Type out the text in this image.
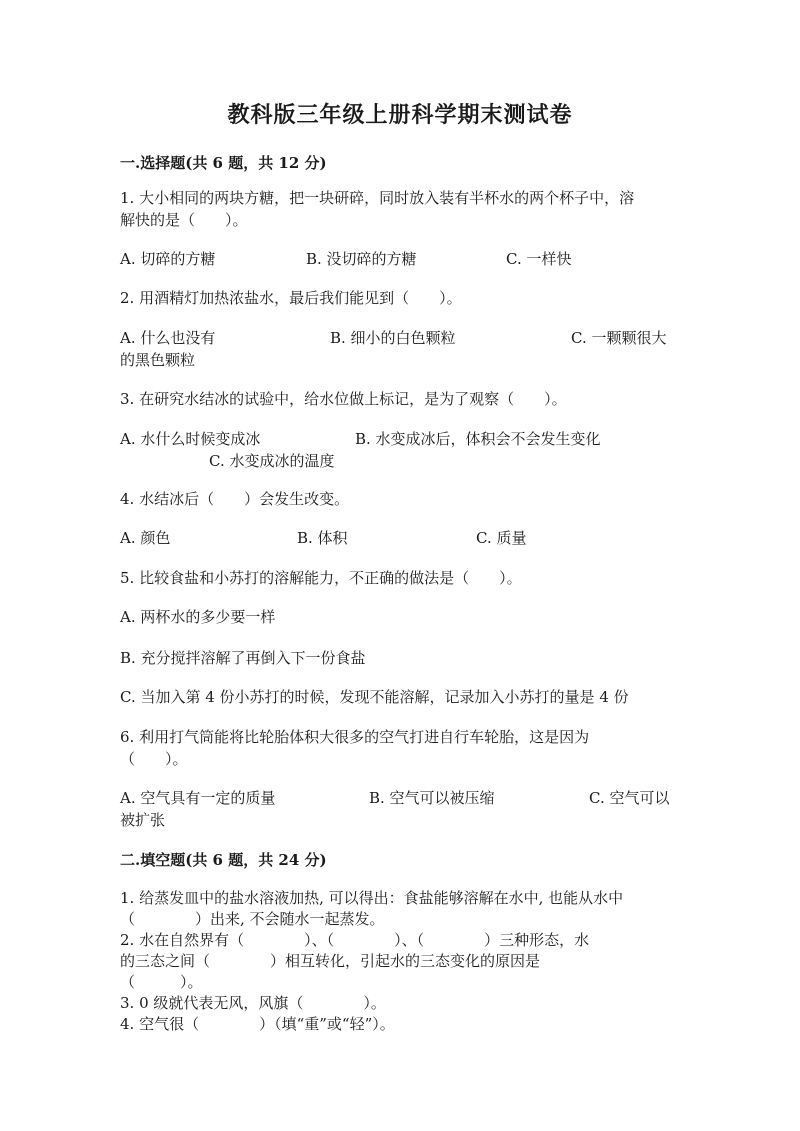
教科版三年级上册科学期末测试卷
一.选择题(共 6 题，共 12 分)
1. 大小相同的两块方糖，把一块研碎，同时放入装有半杯水的两个杯子中，溶
解快的是（　　）。
A. 切碎的方糖	B. 没切碎的方糖	C. 一样快
2. 用酒精灯加热浓盐水，最后我们能见到（　　）。
A. 什么也没有	B. 细小的白色颗粒	C. 一颗颗很大
的黑色颗粒
3. 在研究水结冰的试验中，给水位做上标记，是为了观察（　　）。
A. 水什么时候变成冰	B. 水变成冰后，体积会不会发生变化
C. 水变成冰的温度
4. 水结冰后（　　）会发生改变。
A. 颜色	B. 体积	C. 质量
5. 比较食盐和小苏打的溶解能力，不正确的做法是（　　）。
A. 两杯水的多少要一样
B. 充分搅拌溶解了再倒入下一份食盐
C. 当加入第 4 份小苏打的时候，发现不能溶解，记录加入小苏打的量是 4 份
6. 利用打气筒能将比轮胎体积大很多的空气打进自行车轮胎，这是因为
（　　）。
A. 空气具有一定的质量	B. 空气可以被压缩	C. 空气可以
被扩张
二.填空题(共 6 题，共 24 分)
1. 给蒸发皿中的盐水溶液加热, 可以得出：食盐能够溶解在水中, 也能从水中
（　　　　）出来, 不会随水一起蒸发。
2. 水在自然界有（　　　　）、（　　　　）、（　　　　）三种形态，水
的三态之间（　　　　）相互转化，引起水的三态变化的原因是
（　　　）。
3. 0 级就代表无风，风旗（　　　　）。
4. 空气很（　　　　）（填“重”或“轻”）。
